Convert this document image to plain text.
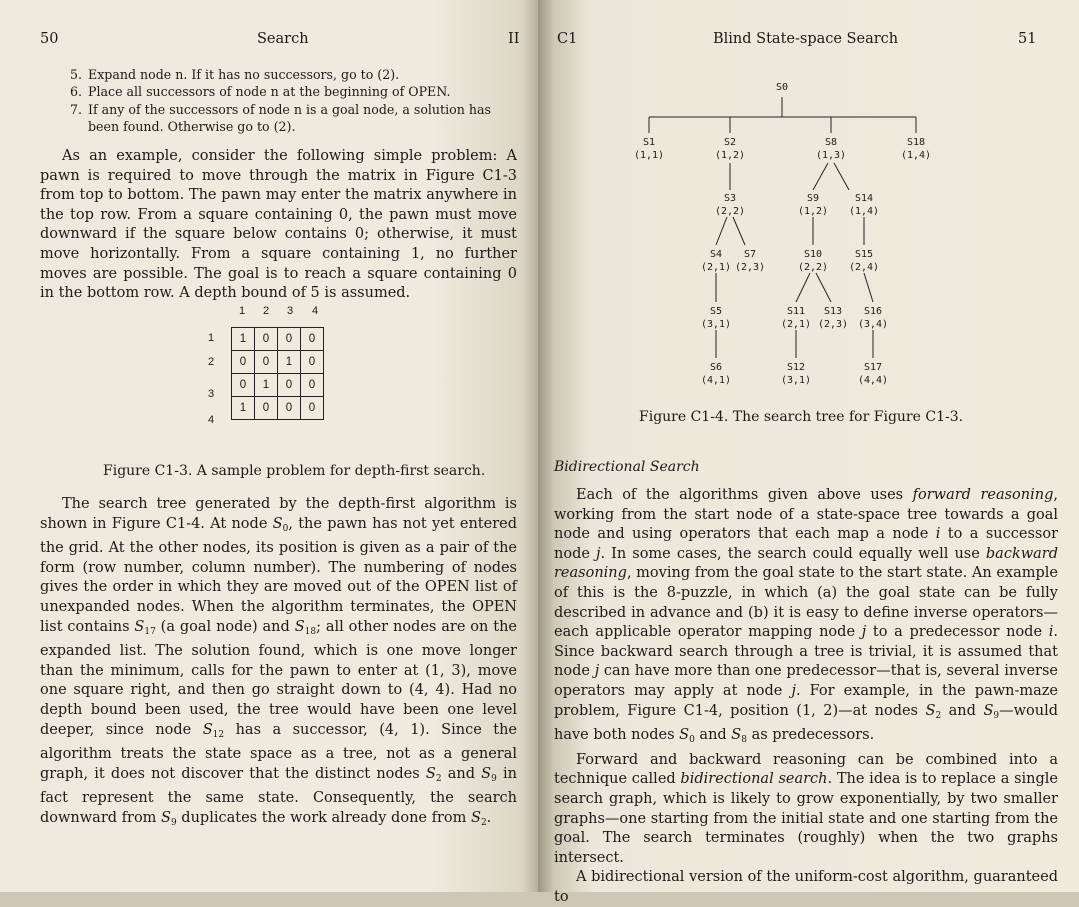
50	Search	II
5. Expand node n. If it has no successors, go to (2).
6. Place all successors of node n at the beginning of OPEN.
7. If any of the successors of node n is a goal node, a solution has been found. Otherwise go to (2).
As an example, consider the following simple problem: A pawn is required to move through the matrix in Figure C1-3 from top to bottom. The pawn may enter the matrix anywhere in the top row. From a square containing 0, the pawn must move downward if the square below contains 0; otherwise, it must move horizontally. From a square containing 1, no further moves are possible. The goal is to reach a square containing 0 in the bottom row. A depth bound of 5 is assumed.
1 2 3 4
1
2
3
4
1	0	0	0
0	0	1	0
0	1	0	0
1	0	0	0
Figure C1-3. A sample problem for depth-first search.
The search tree generated by the depth-first algorithm is shown in Figure C1-4. At node $S_0$, the pawn has not yet entered the grid. At the other nodes, its position is given as a pair of the form (row number, column number). The numbering of nodes gives the order in which they are moved out of the OPEN list of unexpanded nodes. When the algorithm terminates, the OPEN list contains $S_{17}$ (a goal node) and $S_{18}$; all other nodes are on the expanded list. The solution found, which is one move longer than the minimum, calls for the pawn to enter at (1, 3), move one square right, and then go straight down to (4, 4). Had no depth bound been used, the tree would have been one level deeper, since node $S_{12}$ has a successor, (4, 1). Since the algorithm treats the state space as a tree, not as a general graph, it does not discover that the distinct nodes $S_2$ and $S_9$ in fact represent the same state. Consequently, the search downward from $S_9$ duplicates the work already done from $S_2$.
C1	Blind State-space Search	51
S0
S1
(1,1)
S2
(1,2)
S8
(1,3)
S18
(1,4)
S3
(2,2)
S9
(1,2)
S14
(1,4)
S4
(2,1)
S7
(2,3)
S10
(2,2)
S15
(2,4)
S5
(3,1)
S11
(2,1)
S13
(2,3)
S16
(3,4)
S6
(4,1)
S12
(3,1)
S17
(4,4)
Figure C1-4. The search tree for Figure C1-3.
Bidirectional Search

Each of the algorithms given above uses forward reasoning, working from the start node of a state-space tree towards a goal node and using operators that each map a node i to a successor node j. In some cases, the search could equally well use backward reasoning, moving from the goal state to the start state. An example of this is the 8-puzzle, in which (a) the goal state can be fully described in advance and (b) it is easy to define inverse operators—each applicable operator mapping node j to a predecessor node i. Since backward search through a tree is trivial, it is assumed that node j can have more than one predecessor—that is, several inverse operators may apply at node j. For example, in the pawn-maze problem, Figure C1-4, position (1, 2)—at nodes $S_2$ and $S_9—would$ have both nodes $S_0$ and $S_8$ as predecessors.

Forward and backward reasoning can be combined into a technique called bidirectional search. The idea is to replace a single search graph, which is likely to grow exponentially, by two smaller graphs—one starting from the initial state and one starting from the goal. The search terminates (roughly) when the two graphs intersect.

A bidirectional version of the uniform-cost algorithm, guaranteed to
